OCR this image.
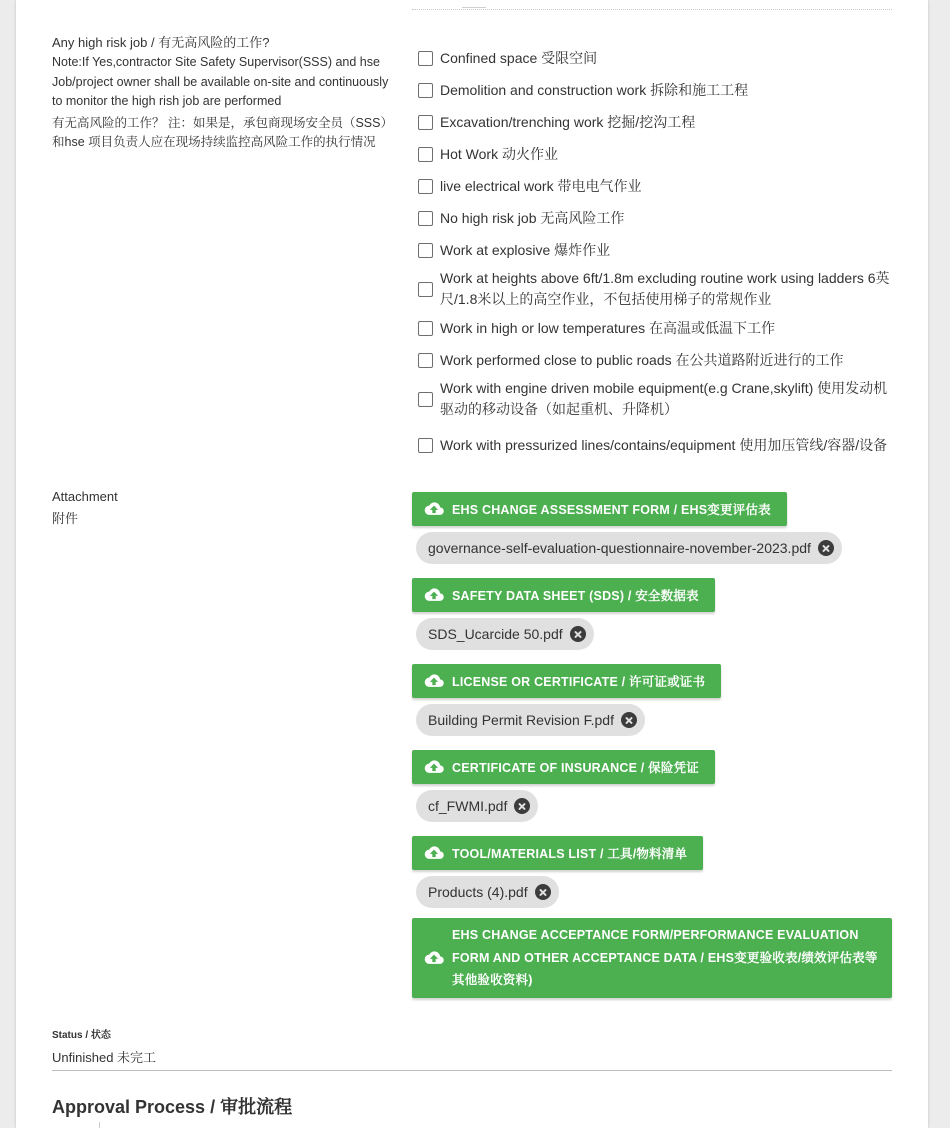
Any high risk job / 有无高风险的工作?
Note:If Yes,contractor Site Safety Supervisor(SSS) and hse Job/project owner shall be available on-site and continuously to monitor the high rish job are performed
有无高风险的工作？ 注：如果是，承包商现场安全员（SSS）和hse 项目负责人应在现场持续监控高风险工作的执行情况
Confined space 受限空间
Demolition and construction work 拆除和施工工程
Excavation/trenching work 挖掘/挖沟工程
Hot Work 动火作业
live electrical work 带电电气作业
No high risk job 无高风险工作
Work at explosive 爆炸作业
Work at heights above 6ft/1.8m excluding routine work using ladders 6英尺/1.8米以上的高空作业，不包括使用梯子的常规作业
Work in high or low temperatures 在高温或低温下工作
Work performed close to public roads 在公共道路附近进行的工作
Work with engine driven mobile equipment(e.g Crane,skylift) 使用发动机驱动的移动设备（如起重机、升降机）
Work with pressurized lines/contains/equipment 使用加压管线/容器/设备
Attachment
附件
EHS CHANGE ASSESSMENT FORM / EHS变更评估表

governance-self-evaluation-questionnaire-november-2023.pdf
SAFETY DATA SHEET (SDS) / 安全数据表

SDS_Ucarcide 50.pdf
LICENSE OR CERTIFICATE / 许可证或证书

Building Permit Revision F.pdf
CERTIFICATE OF INSURANCE / 保险凭证

cf_FWMI.pdf
TOOL/MATERIALS LIST / 工具/物料清单

Products (4).pdf
EHS CHANGE ACCEPTANCE FORM/PERFORMANCE EVALUATION FORM AND OTHER ACCEPTANCE DATA / EHS变更验收表/绩效评估表等其他验收资料)
Status / 状态
Unfinished 未完工
Approval Process / 审批流程
